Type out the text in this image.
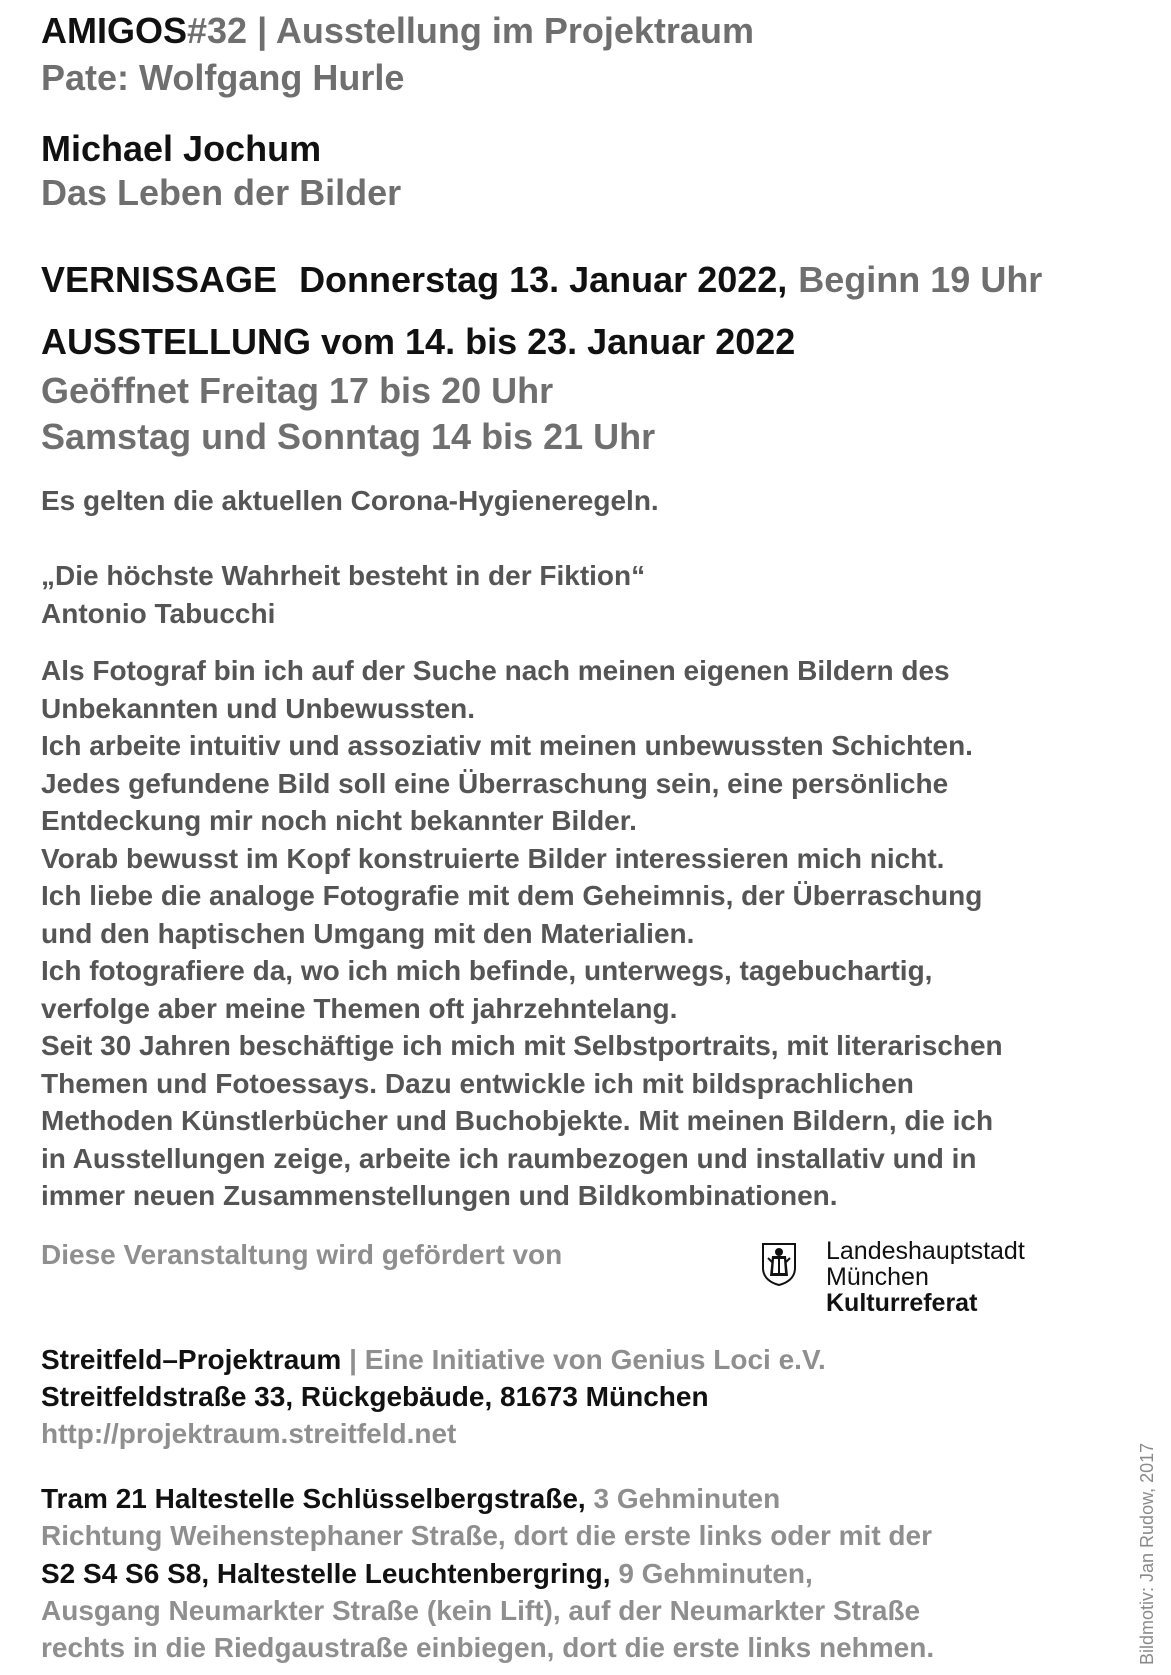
AMIGOS#32 | Ausstellung im Projektraum
Pate: Wolfgang Hurle
Michael Jochum
Das Leben der Bilder
VERNISSAGE Donnerstag 13. Januar 2022, Beginn 19 Uhr
AUSSTELLUNG vom 14. bis 23. Januar 2022
Geöffnet Freitag 17 bis 20 Uhr
Samstag und Sonntag 14 bis 21 Uhr
Es gelten die aktuellen Corona-Hygieneregeln.
„Die höchste Wahrheit besteht in der Fiktion“
Antonio Tabucchi
Als Fotograf bin ich auf der Suche nach meinen eigenen Bildern des
Unbekannten und Unbewussten.
Ich arbeite intuitiv und assoziativ mit meinen unbewussten Schichten.
Jedes gefundene Bild soll eine Überraschung sein, eine persönliche
Entdeckung mir noch nicht bekannter Bilder.
Vorab bewusst im Kopf konstruierte Bilder interessieren mich nicht.
Ich liebe die analoge Fotografie mit dem Geheimnis, der Überraschung
und den haptischen Umgang mit den Materialien.
Ich fotografiere da, wo ich mich befinde, unterwegs, tagebuchartig,
verfolge aber meine Themen oft jahrzehntelang.
Seit 30 Jahren beschäftige ich mich mit Selbstportraits, mit literarischen
Themen und Fotoessays. Dazu entwickle ich mit bildsprachlichen
Methoden Künstlerbücher und Buchobjekte. Mit meinen Bildern, die ich
in Ausstellungen zeige, arbeite ich raumbezogen und installativ und in
immer neuen Zusammenstellungen und Bildkombinationen.
Diese Veranstaltung wird gefördert von
Streitfeld–Projektraum | Eine Initiative von Genius Loci e.V.
Streitfeldstraße 33, Rückgebäude, 81673 München
http://projektraum.streitfeld.net
Tram 21 Haltestelle Schlüsselbergstraße, 3 Gehminuten
Richtung Weihenstephaner Straße, dort die erste links oder mit der
S2 S4 S6 S8, Haltestelle Leuchtenbergring, 9 Gehminuten,
Ausgang Neumarkter Straße (kein Lift), auf der Neumarkter Straße
rechts in die Riedgaustraße einbiegen, dort die erste links nehmen.
Landeshauptstadt
München
Kulturreferat
Bildmotiv: Jan Rudow, 2017
